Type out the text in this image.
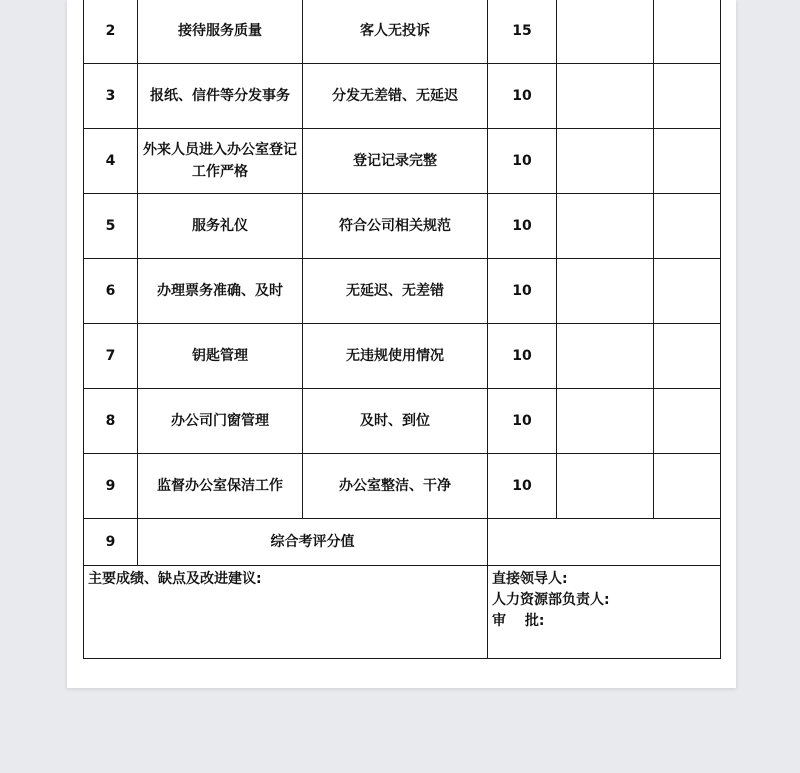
2	接待服务质量	客人无投诉	15		
3	报纸、信件等分发事务	分发无差错、无延迟	10		
4	外来人员进入办公室登记工作严格	登记记录完整	10		
5	服务礼仪	符合公司相关规范	10		
6	办理票务准确、及时	无延迟、无差错	10		
7	钥匙管理	无违规使用情况	10		
8	办公司门窗管理	及时、到位	10		
9	监督办公室保洁工作	办公室整洁、干净	10		
9	综合考评分值				

主要成绩、缺点及改进建议:			直接领导人:
人力资源部负责人:
审　 批:		
